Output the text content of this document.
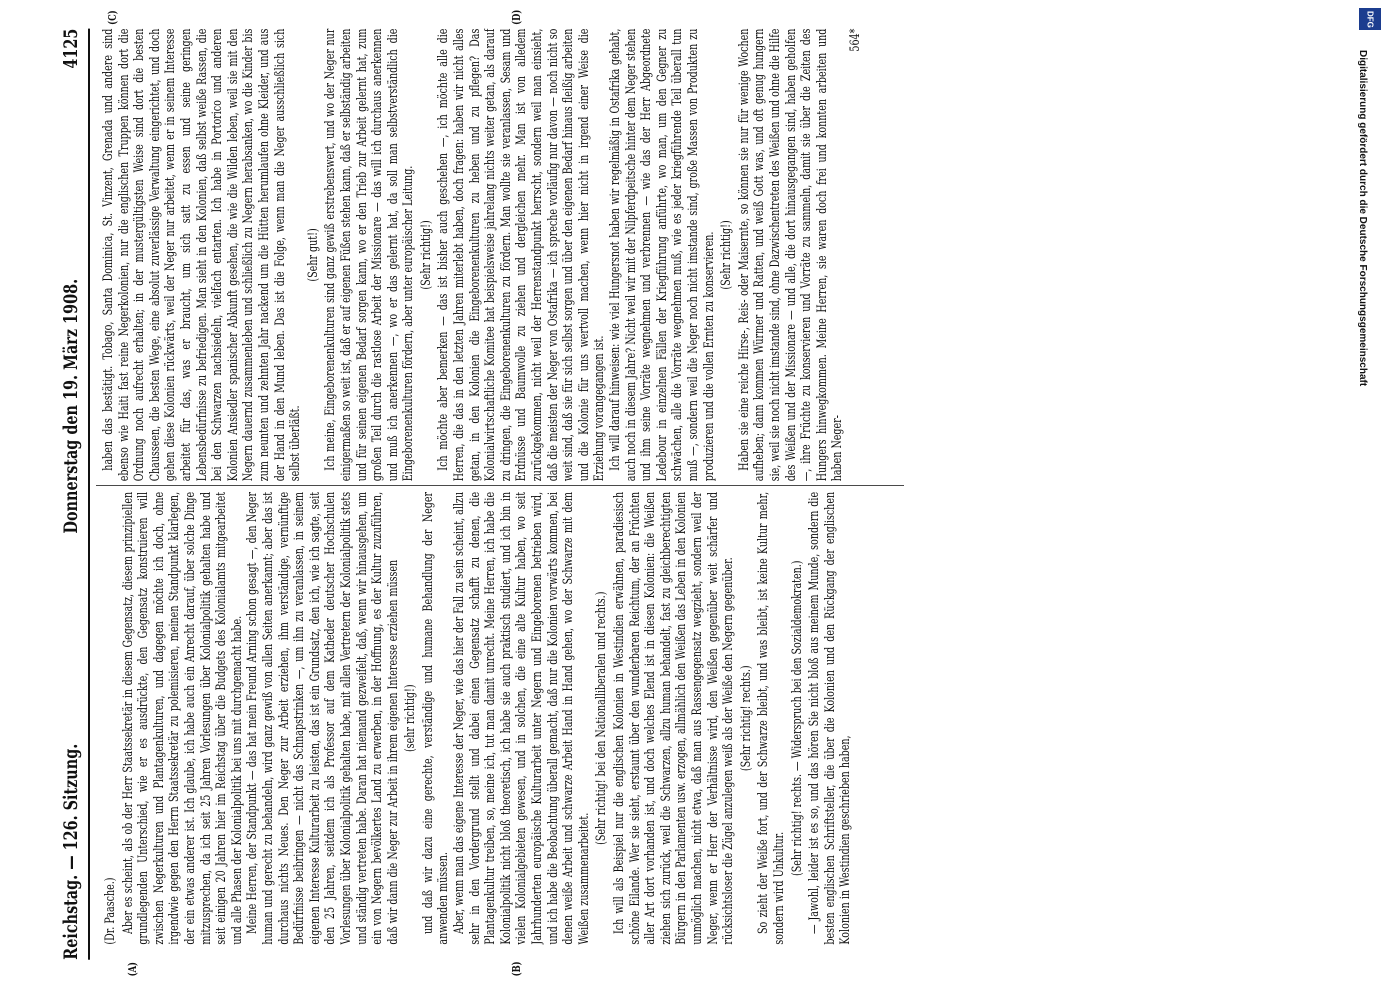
Reichstag. — 126. Sitzung.
Donnerstag den 19. März 1908.
4125
(A)	(B)
(C)	(D)

(Dr. Paasche.) Aber es scheint, als ob der Herr Staatssekretär in diesem Gegensatz, diesem prinzipiellen grundlegenden Unterschied, wie er es ausdrückte, den Gegensatz konstruieren will zwischen Negerkulturen und Plantagenkulturen, und dagegen möchte ich doch, ohne irgendwie gegen den Herrn Staatssekretär zu polemisieren, meinen Standpunkt klarlegen, der ein etwas anderer ist. Ich glaube, ich habe auch ein Anrecht darauf, über solche Dinge mitzusprechen, da ich seit 25 Jahren Vorlesungen über Kolonialpolitik gehalten habe und seit einigen 20 Jahren hier im Reichstag über die Budgets des Kolonialamts mitgearbeitet und alle Phasen der Kolonialpolitik bei uns mit durchgemacht habe. Meine Herren, der Standpunkt — das hat mein Freund Arning schon gesagt —, den Neger human und gerecht zu behandeln, wird ganz gewiß von allen Seiten anerkannt; aber das ist durchaus nichts Neues. Den Neger zur Arbeit erziehen, ihm verständige, vernünftige Bedürfnisse beibringen — nicht das Schnapstrinken —, um ihn zu veranlassen, in seinem eigenen Interesse Kulturarbeit zu leisten, das ist ein Grundsatz, den ich, wie ich sagte, seit den 25 Jahren, seitdem ich als Professor auf dem Katheder deutscher Hochschulen Vorlesungen über Kolonialpolitik gehalten habe, mit allen Vertretern der Kolonialpolitik stets und ständig vertreten habe. Daran hat niemand gezweifelt, daß, wenn wir hinausgehen, um ein von Negern bevölkertes Land zu erwerben, in der Hoffnung, es der Kultur zuzuführen, daß wir dann die Neger zur Arbeit in ihrem eigenen Interesse erziehen müssen (sehr richtig!) und daß wir dazu eine gerechte, verständige und humane Behandlung der Neger anwenden müssen. Aber, wenn man das eigene Interesse der Neger, wie das hier der Fall zu sein scheint, allzu sehr in den Vordergrund stellt und dabei einen Gegensatz schafft zu denen, die Plantagenkultur treiben, so, meine ich, tut man damit unrecht. Meine Herren, ich habe die Kolonialpolitik nicht bloß theoretisch, ich habe sie auch praktisch studiert, und ich bin in vielen Kolonialgebieten gewesen, und in solchen, die eine alte Kultur haben, wo seit Jahrhunderten europäische Kulturarbeit unter Negern und Eingeborenen betrieben wird, und ich habe die Beobachtung überall gemacht, daß nur die Kolonien vorwärts kommen, bei denen weiße Arbeit und schwarze Arbeit Hand in Hand gehen, wo der Schwarze mit dem Weißen zusammenarbeitet.

(Sehr richtig! bei den Nationalliberalen und rechts.) Ich will als Beispiel nur die englischen Kolonien in Westindien erwähnen, paradiesisch schöne Eilande. Wer sie sieht, erstaunt über den wunderbaren Reichtum, der an Früchten aller Art dort vorhanden ist, und doch welches Elend ist in diesen Kolonien: die Weißen ziehen sich zurück, weil die Schwarzen, allzu human behandelt, fast zu gleichberechtigten Bürgern in den Parlamenten usw. erzogen, allmählich den Weißen das Leben in den Kolonien unmöglich machen, nicht etwa, daß man aus Rassengegensatz wegzieht, sondern weil der Neger, wenn er Herr der Verhältnisse wird, den Weißen gegenüber weit schärfer und rücksichtsloser die Zügel anzulegen weiß als der Weiße den Negern gegenüber. (Sehr richtig! rechts.) So zieht der Weiße fort, und der Schwarze bleibt, und was bleibt, ist keine Kultur mehr, sondern wird Unkultur.

(Sehr richtig! rechts. — Widerspruch bei den Sozialdemokraten.) — Jawohl, leider ist es so, und das hören Sie nicht bloß aus meinem Munde, sondern die besten englischen Schriftsteller, die über die Kolonien und den Rückgang der englischen Kolonien in Westindien geschrieben haben,

haben das bestätigt. Tobago, Santa Dominica, St. Vinzent, Grenada und andere sind ebenso wie Haiti fast reine Negerkolonien, nur die englischen Truppen können dort die Ordnung noch aufrecht erhalten; in der mustergültigsten Weise sind dort die besten Chausseen, die besten Wege, eine absolut zuverlässige Verwaltung eingerichtet, und doch gehen diese Kolonien rückwärts, weil der Neger nur arbeitet, wenn er in seinem Interesse arbeitet für das, was er braucht, um sich satt zu essen und seine geringen Lebensbedürfnisse zu befriedigen. Man sieht in den Kolonien, daß selbst weiße Rassen, die bei den Schwarzen nachsiedeln, vielfach entarten. Ich habe in Portorico und anderen Kolonien Ansiedler spanischer Abkunft gesehen, die wie die Wilden leben, weil sie mit den Negern dauernd zusammenleben und schließlich zu Negern herabsanken, wo die Kinder bis zum neunten und zehnten Jahr nackend um die Hütten herumlaufen ohne Kleider, und aus der Hand in den Mund leben. Das ist die Folge, wenn man die Neger ausschließlich sich selbst überläßt.

(Sehr gut!) Ich meine, Eingeborenenkulturen sind ganz gewiß erstrebenswert, und wo der Neger nur einigermaßen so weit ist, daß er auf eigenen Füßen stehen kann, daß er selbständig arbeiten und für seinen eigenen Bedarf sorgen kann, wo er den Trieb zur Arbeit gelernt hat, zum großen Teil durch die rastlose Arbeit der Missionare — das will ich durchaus anerkennen und muß ich anerkennen —, wo er das gelernt hat, da soll man selbstverständlich die Eingeborenenkulturen fördern, aber unter europäischer Leitung. (Sehr richtig!) Ich möchte aber bemerken — das ist bisher auch geschehen —, ich möchte alle die Herren, die das in den letzten Jahren miterlebt haben, doch fragen: haben wir nicht alles getan, in den Kolonien die Eingeborenenkulturen zu heben und zu pflegen? Das Kolonialwirtschaftliche Komitee hat beispielsweise jahrelang nichts weiter getan, als darauf zu dringen, die Eingeborenenkulturen zu fördern. Man wollte sie veranlassen, Sesam und Erdnüsse und Baumwolle zu ziehen und dergleichen mehr. Man ist von alledem zurückgekommen, nicht weil der Herrenstandpunkt herrscht, sondern weil man einsieht, daß die meisten der Neger von Ostafrika — ich spreche vorläufig nur davon — noch nicht so weit sind, daß sie für sich selbst sorgen und über den eigenen Bedarf hinaus fleißig arbeiten und die Kolonie für uns wertvoll machen, wenn hier nicht in irgend einer Weise die Erziehung vorangegangen ist. Ich will darauf hinweisen: wie viel Hungersnot haben wir regelmäßig in Ostafrika gehabt, auch noch in diesem Jahre? Nicht weil wir mit der Nilpferdpeitsche hinter dem Neger stehen und ihm seine Vorräte wegnehmen und verbrennen — wie das der Herr Abgeordnete Ledebour in einzelnen Fällen der Kriegführung anführte, wo man, um den Gegner zu schwächen, alle die Vorräte wegnehmen muß, wie es jeder kriegführende Teil überall tun muß —, sondern weil die Neger noch nicht imstande sind, große Massen von Produkten zu produzieren und die vollen Ernten zu konservieren. (Sehr richtig!) Haben sie eine reiche Hirse-, Reis- oder Maisernte, so können sie nur für wenige Wochen aufheben; dann kommen Würmer und Ratten, und weiß Gott was, und oft genug hungern sie, weil sie noch nicht imstande sind, ohne Dazwischentreten des Weißen und ohne die Hilfe des Weißen und der Missionare — und alle, die dort hinausgegangen sind, haben geholfen —, ihre Früchte zu konservieren und Vorräte zu sammeln, damit sie über die Zeiten des Hungers hinwegkommen. Meine Herren, sie waren doch frei und konnten arbeiten und haben Neger-

564*

Digitalisierung gefördert durch die Deutsche Forschungsgemeinschaft
DFG
